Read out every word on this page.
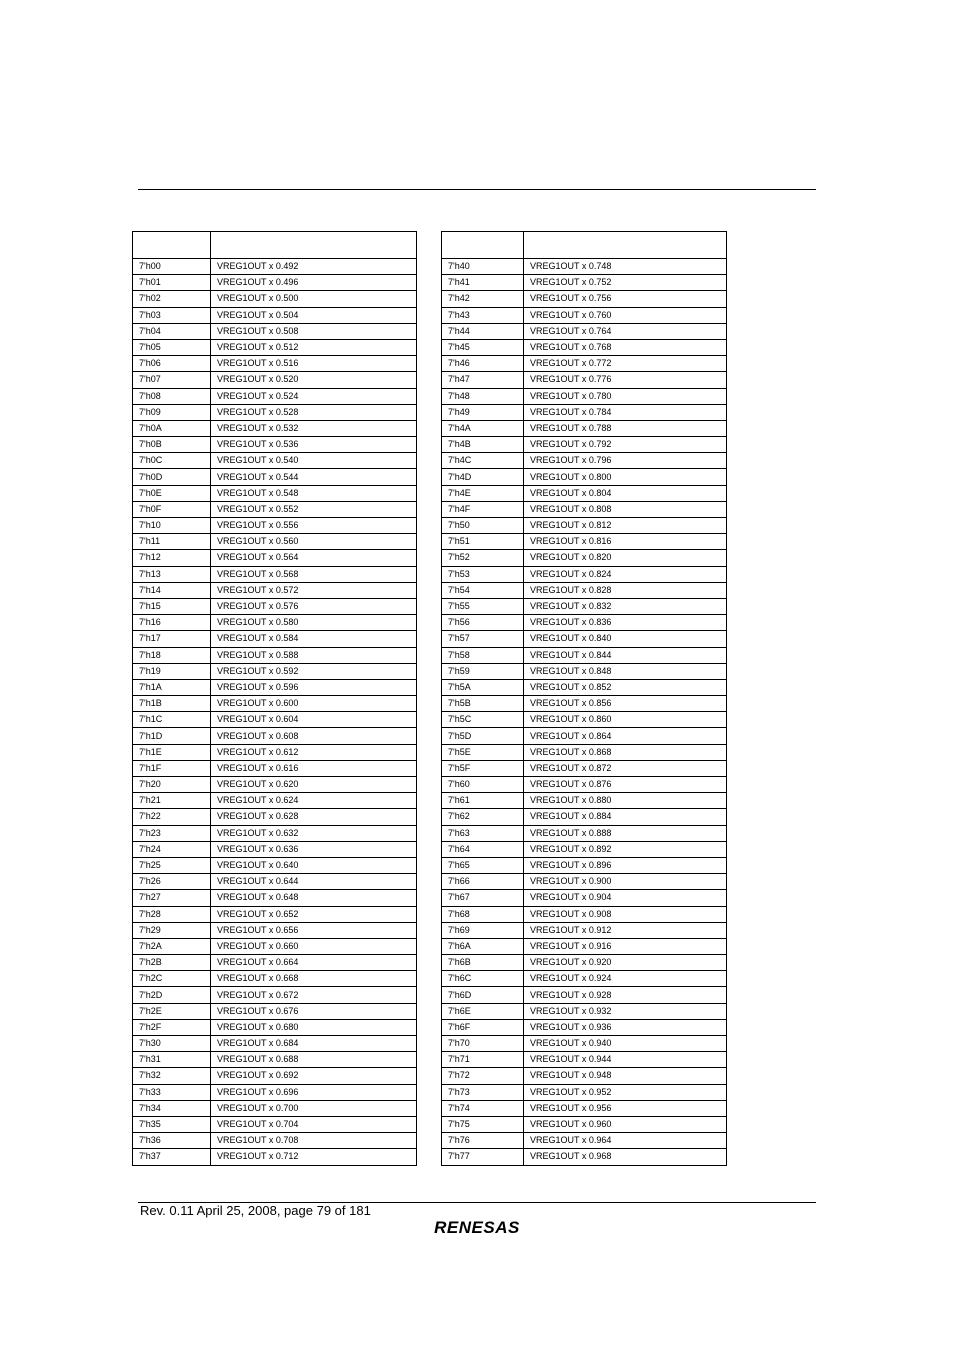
7'h00	VREG1OUT x 0.492
7'h01	VREG1OUT x 0.496
7'h02	VREG1OUT x 0.500
7'h03	VREG1OUT x 0.504
7'h04	VREG1OUT x 0.508
7'h05	VREG1OUT x 0.512
7'h06	VREG1OUT x 0.516
7'h07	VREG1OUT x 0.520
7'h08	VREG1OUT x 0.524
7'h09	VREG1OUT x 0.528
7'h0A	VREG1OUT x 0.532
7'h0B	VREG1OUT x 0.536
7'h0C	VREG1OUT x 0.540
7'h0D	VREG1OUT x 0.544
7'h0E	VREG1OUT x 0.548
7'h0F	VREG1OUT x 0.552
7'h10	VREG1OUT x 0.556
7'h11	VREG1OUT x 0.560
7'h12	VREG1OUT x 0.564
7'h13	VREG1OUT x 0.568
7'h14	VREG1OUT x 0.572
7'h15	VREG1OUT x 0.576
7'h16	VREG1OUT x 0.580
7'h17	VREG1OUT x 0.584
7'h18	VREG1OUT x 0.588
7'h19	VREG1OUT x 0.592
7'h1A	VREG1OUT x 0.596
7'h1B	VREG1OUT x 0.600
7'h1C	VREG1OUT x 0.604
7'h1D	VREG1OUT x 0.608
7'h1E	VREG1OUT x 0.612
7'h1F	VREG1OUT x 0.616
7'h20	VREG1OUT x 0.620
7'h21	VREG1OUT x 0.624
7'h22	VREG1OUT x 0.628
7'h23	VREG1OUT x 0.632
7'h24	VREG1OUT x 0.636
7'h25	VREG1OUT x 0.640
7'h26	VREG1OUT x 0.644
7'h27	VREG1OUT x 0.648
7'h28	VREG1OUT x 0.652
7'h29	VREG1OUT x 0.656
7'h2A	VREG1OUT x 0.660
7'h2B	VREG1OUT x 0.664
7'h2C	VREG1OUT x 0.668
7'h2D	VREG1OUT x 0.672
7'h2E	VREG1OUT x 0.676
7'h2F	VREG1OUT x 0.680
7'h30	VREG1OUT x 0.684
7'h31	VREG1OUT x 0.688
7'h32	VREG1OUT x 0.692
7'h33	VREG1OUT x 0.696
7'h34	VREG1OUT x 0.700
7'h35	VREG1OUT x 0.704
7'h36	VREG1OUT x 0.708
7'h37	VREG1OUT x 0.712

7'h40	VREG1OUT x 0.748
7'h41	VREG1OUT x 0.752
7'h42	VREG1OUT x 0.756
7'h43	VREG1OUT x 0.760
7'h44	VREG1OUT x 0.764
7'h45	VREG1OUT x 0.768
7'h46	VREG1OUT x 0.772
7'h47	VREG1OUT x 0.776
7'h48	VREG1OUT x 0.780
7'h49	VREG1OUT x 0.784
7'h4A	VREG1OUT x 0.788
7'h4B	VREG1OUT x 0.792
7'h4C	VREG1OUT x 0.796
7'h4D	VREG1OUT x 0.800
7'h4E	VREG1OUT x 0.804
7'h4F	VREG1OUT x 0.808
7'h50	VREG1OUT x 0.812
7'h51	VREG1OUT x 0.816
7'h52	VREG1OUT x 0.820
7'h53	VREG1OUT x 0.824
7'h54	VREG1OUT x 0.828
7'h55	VREG1OUT x 0.832
7'h56	VREG1OUT x 0.836
7'h57	VREG1OUT x 0.840
7'h58	VREG1OUT x 0.844
7'h59	VREG1OUT x 0.848
7'h5A	VREG1OUT x 0.852
7'h5B	VREG1OUT x 0.856
7'h5C	VREG1OUT x 0.860
7'h5D	VREG1OUT x 0.864
7'h5E	VREG1OUT x 0.868
7'h5F	VREG1OUT x 0.872
7'h60	VREG1OUT x 0.876
7'h61	VREG1OUT x 0.880
7'h62	VREG1OUT x 0.884
7'h63	VREG1OUT x 0.888
7'h64	VREG1OUT x 0.892
7'h65	VREG1OUT x 0.896
7'h66	VREG1OUT x 0.900
7'h67	VREG1OUT x 0.904
7'h68	VREG1OUT x 0.908
7'h69	VREG1OUT x 0.912
7'h6A	VREG1OUT x 0.916
7'h6B	VREG1OUT x 0.920
7'h6C	VREG1OUT x 0.924
7'h6D	VREG1OUT x 0.928
7'h6E	VREG1OUT x 0.932
7'h6F	VREG1OUT x 0.936
7'h70	VREG1OUT x 0.940
7'h71	VREG1OUT x 0.944
7'h72	VREG1OUT x 0.948
7'h73	VREG1OUT x 0.952
7'h74	VREG1OUT x 0.956
7'h75	VREG1OUT x 0.960
7'h76	VREG1OUT x 0.964
7'h77	VREG1OUT x 0.968
Rev. 0.11 April 25, 2008, page 79 of 181
RENESAS
